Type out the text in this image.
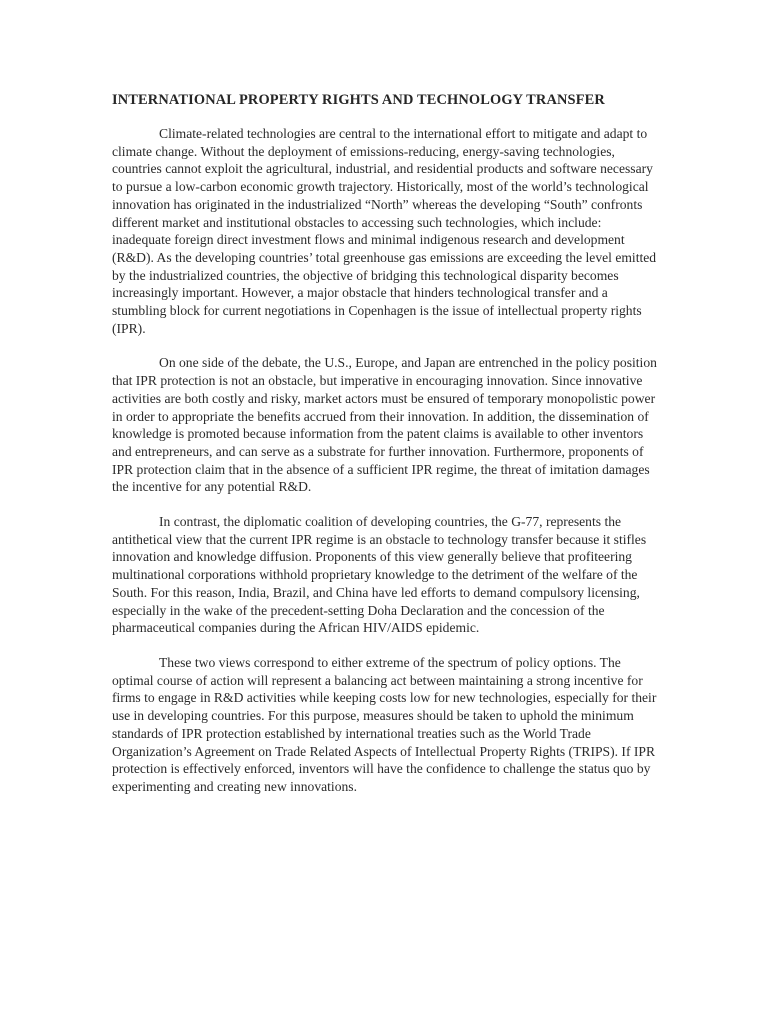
INTERNATIONAL PROPERTY RIGHTS AND TECHNOLOGY TRANSFER

Climate-related technologies are central to the international effort to mitigate and adapt to climate change. Without the deployment of emissions-reducing, energy-saving technologies, countries cannot exploit the agricultural, industrial, and residential products and software necessary to pursue a low-carbon economic growth trajectory. Historically, most of the world’s technological innovation has originated in the industrialized “North” whereas the developing “South” confronts different market and institutional obstacles to accessing such technologies, which include: inadequate foreign direct investment flows and minimal indigenous research and development (R&D). As the developing countries’ total greenhouse gas emissions are exceeding the level emitted by the industrialized countries, the objective of bridging this technological disparity becomes increasingly important. However, a major obstacle that hinders technological transfer and a stumbling block for current negotiations in Copenhagen is the issue of intellectual property rights (IPR).

On one side of the debate, the U.S., Europe, and Japan are entrenched in the policy position that IPR protection is not an obstacle, but imperative in encouraging innovation. Since innovative activities are both costly and risky, market actors must be ensured of temporary monopolistic power in order to appropriate the benefits accrued from their innovation. In addition, the dissemination of knowledge is promoted because information from the patent claims is available to other inventors and entrepreneurs, and can serve as a substrate for further innovation. Furthermore, proponents of IPR protection claim that in the absence of a sufficient IPR regime, the threat of imitation damages the incentive for any potential R&D.

In contrast, the diplomatic coalition of developing countries, the G-77, represents the antithetical view that the current IPR regime is an obstacle to technology transfer because it stifles innovation and knowledge diffusion. Proponents of this view generally believe that profiteering multinational corporations withhold proprietary knowledge to the detriment of the welfare of the South. For this reason, India, Brazil, and China have led efforts to demand compulsory licensing, especially in the wake of the precedent-setting Doha Declaration and the concession of the pharmaceutical companies during the African HIV/AIDS epidemic.

These two views correspond to either extreme of the spectrum of policy options. The optimal course of action will represent a balancing act between maintaining a strong incentive for firms to engage in R&D activities while keeping costs low for new technologies, especially for their use in developing countries. For this purpose, measures should be taken to uphold the minimum standards of IPR protection established by international treaties such as the World Trade Organization’s Agreement on Trade Related Aspects of Intellectual Property Rights (TRIPS). If IPR protection is effectively enforced, inventors will have the confidence to challenge the status quo by experimenting and creating new innovations.
